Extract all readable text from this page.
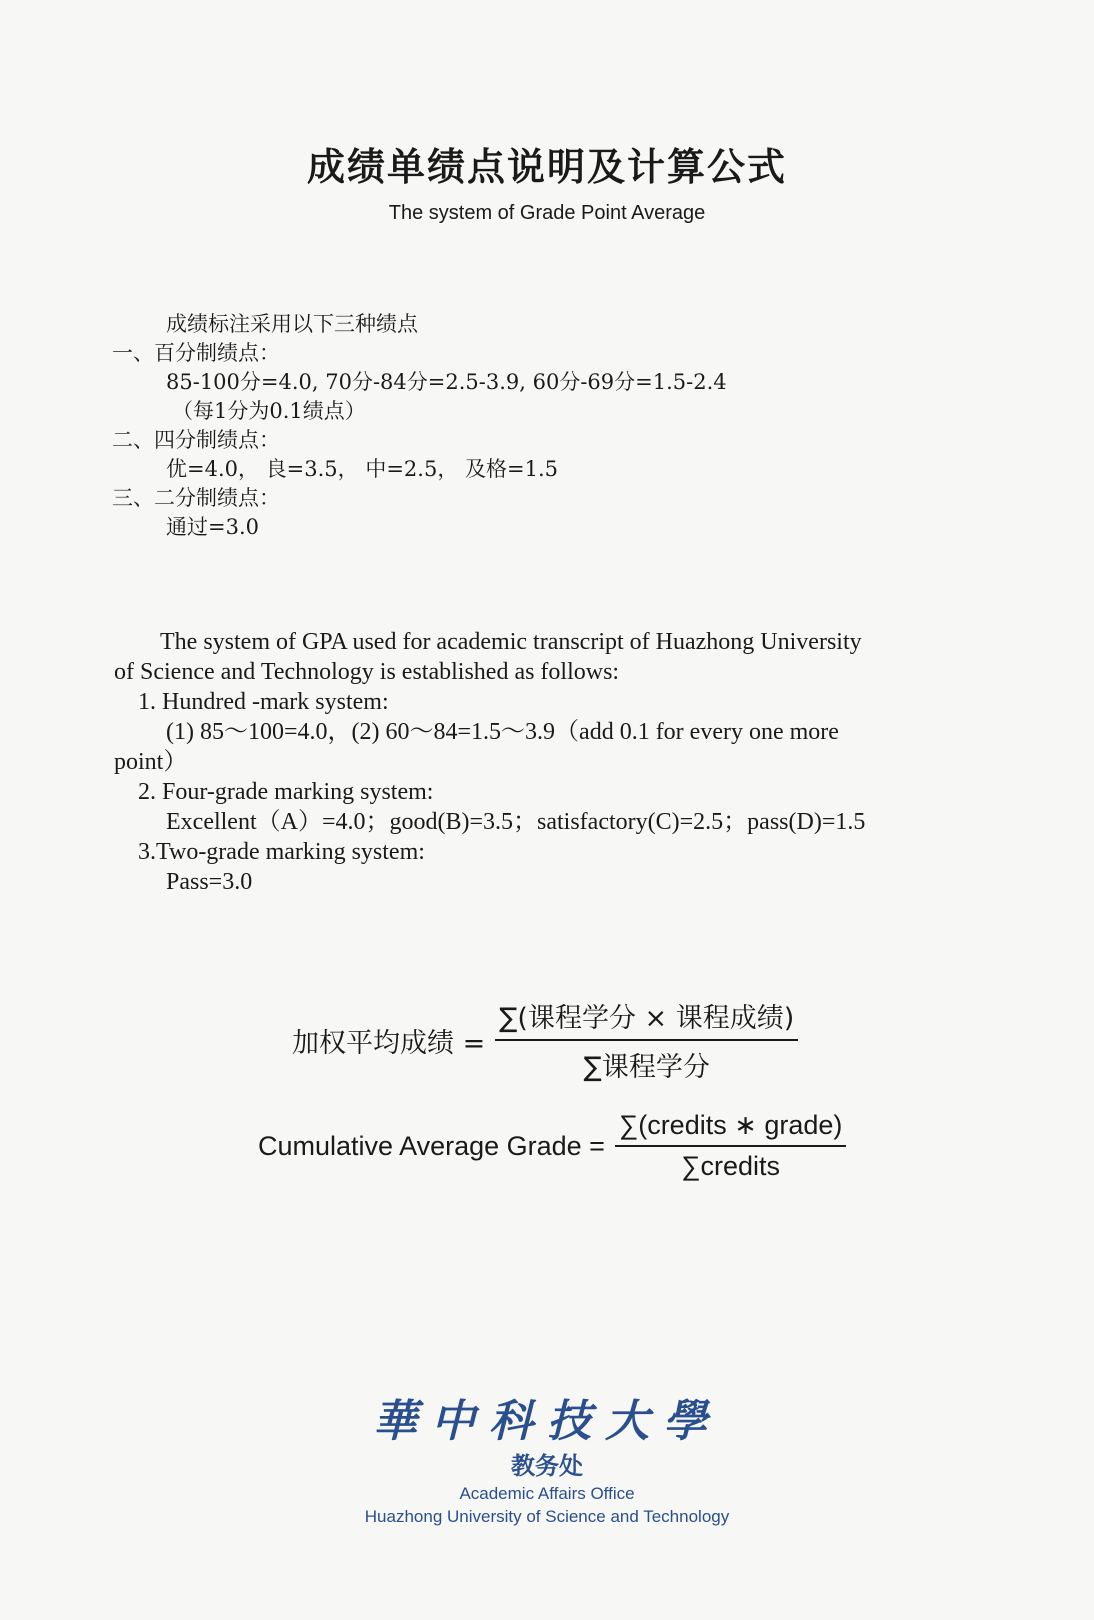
成绩单绩点说明及计算公式
The system of Grade Point Average
成绩标注采用以下三种绩点
一、百分制绩点：
85-100分=4.0, 70分-84分=2.5-3.9, 60分-69分=1.5-2.4
（每1分为0.1绩点）
二、四分制绩点：
优=4.0， 良=3.5， 中=2.5， 及格=1.5
三、二分制绩点：
通过=3.0
The system of GPA used for academic transcript of Huazhong University
of Science and Technology is established as follows:
1. Hundred -mark system:
(1) 85～100=4.0，(2) 60～84=1.5～3.9（add 0.1 for every one more
point）
2. Four-grade marking system:
Excellent（A）=4.0；good(B)=3.5；satisfactory(C)=2.5；pass(D)=1.5
3.Two-grade marking system:
Pass=3.0
加权平均成绩 = $\frac{\text{∑(课程学分 × 课程成绩)}}{\text{∑课程学分}}$
Cumulative Average Grade = $\frac{\text{∑(credits ∗ grade)}}{\text{∑credits}}$
華中科技大學
教务处
Academic Affairs Office
Huazhong University of Science and Technology
